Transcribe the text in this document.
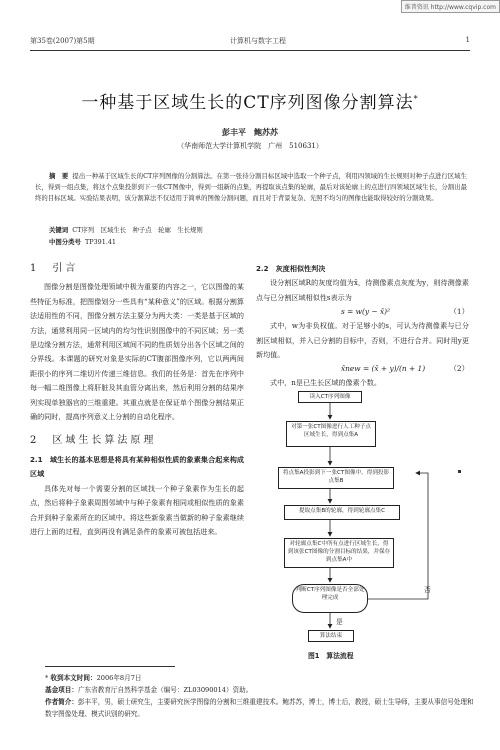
维普资讯 http://www.cqvip.com
第35卷(2007)第5期	计算机与数字工程	1
一种基于区域生长的CT序列图像分割算法*
彭丰平　鲍苏苏
（华南师范大学计算机学院　广州　510631）
摘　要 提出一种基于区域生长的CT序列图像的分割算法。在第一张待分割目标区域中选取一个种子点，利用四领域的生长规则对种子点进行区域生长，得到一组点集，将这个点集投影到下一张CT图像中，得到一组新的点集，再提取该点集的轮廓，最后对该轮廓上的点进行四领域区域生长，分割出最终的目标区域。实验结果表明，该分割算法不仅适用于简单的图像分割问题，而且对于背景复杂、光照不均匀的图像也能取得较好的分割效果。
关键词 CT序列　区域生长　种子点　轮廓　生长规则
中图分类号 TP391.41
1　引言

图像分割是图像处理领域中极为重要的内容之一，它以图像的某些特征为标准，把图像划分一些具有“某种意义”的区域。根据分割算法适用性的不同，图像分割方法主要分为两大类：一类是基于区域的方法，通常利用同一区域内的均匀性识别图像中的不同区域；另一类是边缘分割方法，通常利用区域间不同的性质划分出各个区域之间的分界线。本课题的研究对象是实际的CT腹部图像序列，它以两两间距很小的序列二维切片传递三维信息。我们的任务是：首先在序列中每一幅二维图像上将肝脏及其血管分离出来，然后利用分割的结果序列实现单独器官的三维重建。其重点就是在保证单个图像分割结果正确的同时，提高序列意义上分割的自动化程序。

2　区域生长算法原理
2.1　域生长的基本思想是将具有某种相似性质的象素集合起来构成区域

具体先对每一个需要分割的区域找一个种子象素作为生长的起点，然后将种子象素周围邻域中与种子象素有相同或相似性质的象素合并到种子象素所在的区域中。将这些新象素当做新的种子象素继续进行上面的过程，直到再没有满足条件的象素可被包括进来。

2.2　灰度相似性判决

设分割区域R的灰度均值为x̄，待测像素点灰度为y，则待测像素点与已分割区域相似性s表示为

s = w(y − x̄)²	（1）

式中，w为非负权值。对于足够小的s，可认为待测像素与已分割区域相似，并入已分割的目标中，否则，不进行合并。同时用y更新均值。

x̄new = (x̄ + y)/(n + 1)	（2）

式中，n是已生长区域的像素个数。

读入CT序列图像
对第一张CT图像进行人工种子点区域生长，得到点集A
将点集A投影到下一张CT图像中，得到投影点集B
提取点集B的轮廓，得到轮廓点集C
对轮廓点集C中所有点进行区域生长，得到该张CT图像的分割目标的结果，并保存到点集A中
判断CT序列图像是否全部处理完成
算法结束
否
是
图1　算法流程
* 收到本文时间：2006年8月7日
基金项目：广东省教育厅自然科学基金（编号：ZL03090014）资助。
作者简介：彭丰平，男，硕士研究生，主要研究医学图像的分割和三维重建技术。鲍苏苏，博士，博士后，教授，硕士生导师，主要从事信号处理和数字图像处理、模式识别的研究。
